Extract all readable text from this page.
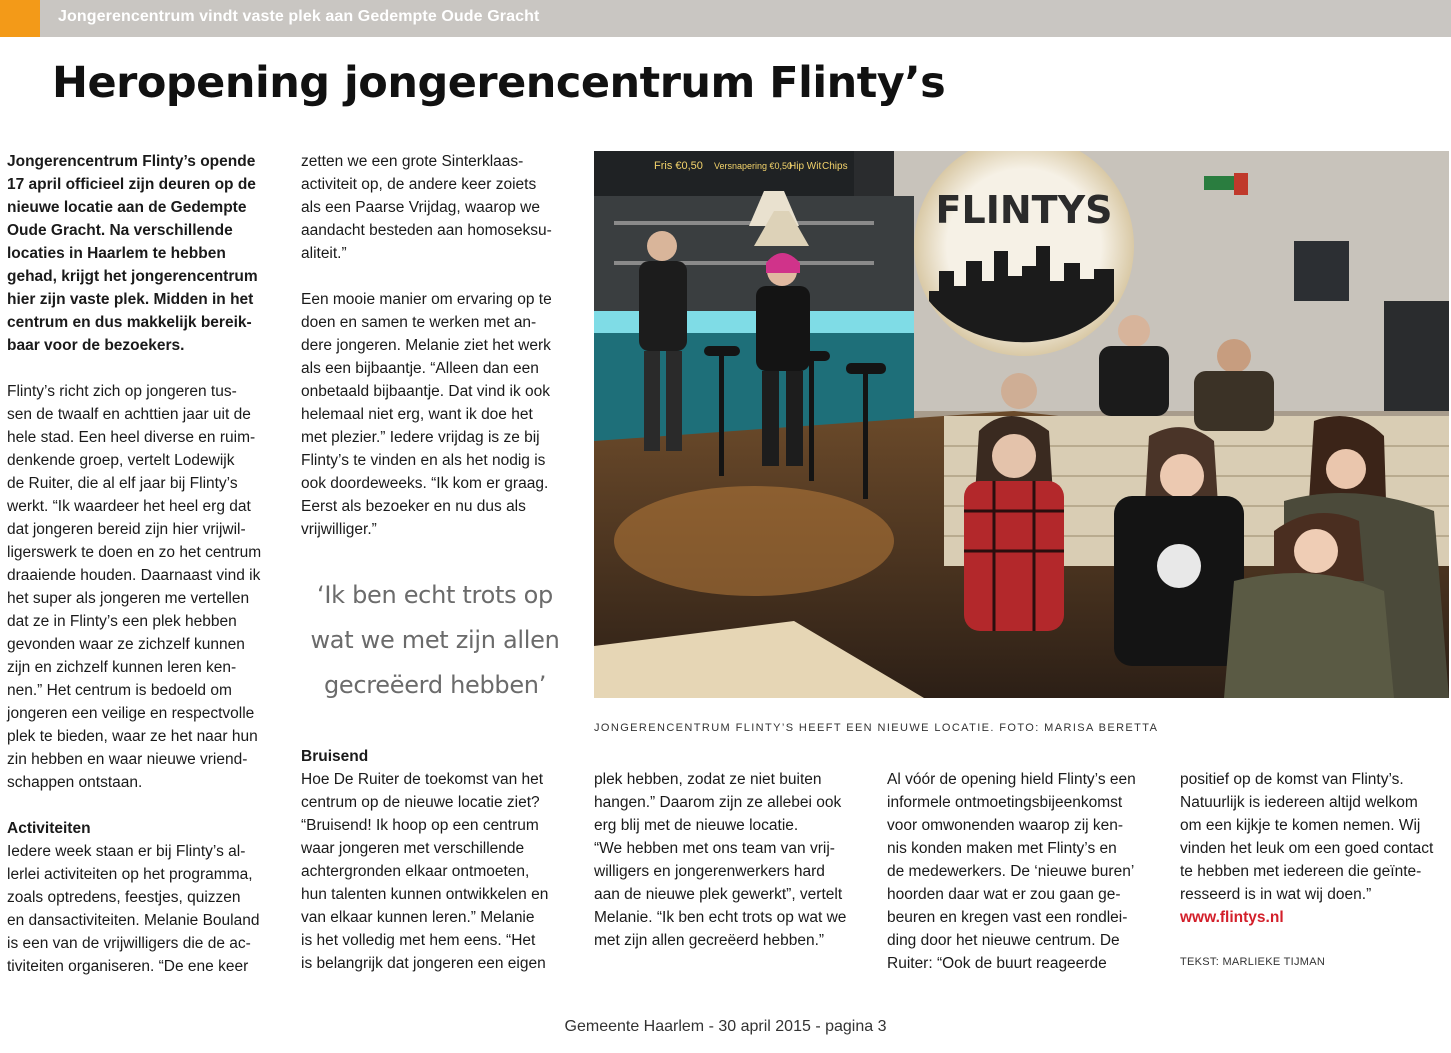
Jongerencentrum vindt vaste plek aan Gedempte Oude Gracht
Heropening jongerencentrum Flinty’s

Jongerencentrum Flinty’s opende
17 april officieel zijn deuren op de
nieuwe locatie aan de Gedempte
Oude Gracht. Na verschillende
locaties in Haarlem te hebben
gehad, krijgt het jongerencentrum
hier zijn vaste plek. Midden in het
centrum en dus makkelijk bereik-
baar voor de bezoekers.

Flinty’s richt zich op jongeren tus-
sen de twaalf en achttien jaar uit de
hele stad. Een heel diverse en ruim-
denkende groep, vertelt Lodewijk
de Ruiter, die al elf jaar bij Flinty’s
werkt. “Ik waardeer het heel erg dat
dat jongeren bereid zijn hier vrijwil-
ligerswerk te doen en zo het centrum
draaiende houden. Daarnaast vind ik
het super als jongeren me vertellen
dat ze in Flinty’s een plek hebben
gevonden waar ze zichzelf kunnen
zijn en zichzelf kunnen leren ken-
nen.” Het centrum is bedoeld om
jongeren een veilige en respectvolle
plek te bieden, waar ze het naar hun
zin hebben en waar nieuwe vriend-
schappen ontstaan.

Activiteiten

Iedere week staan er bij Flinty’s al-
lerlei activiteiten op het programma,
zoals optredens, feestjes, quizzen
en dansactiviteiten. Melanie Bouland
is een van de vrijwilligers die de ac-
tiviteiten organiseren. “De ene keer

zetten we een grote Sinterklaas-
activiteit op, de andere keer zoiets
als een Paarse Vrijdag, waarop we
aandacht besteden aan homoseksu-
aliteit.”

Een mooie manier om ervaring op te
doen en samen te werken met an-
dere jongeren. Melanie ziet het werk
als een bijbaantje. “Alleen dan een
onbetaald bijbaantje. Dat vind ik ook
helemaal niet erg, want ik doe het
met plezier.” Iedere vrijdag is ze bij
Flinty’s te vinden en als het nodig is
ook doordeweeks. “Ik kom er graag.
Eerst als bezoeker en nu dus als
vrijwilliger.”

‘Ik ben echt trots op
wat we met zijn allen
gecreëerd hebben’
Bruisend

Hoe De Ruiter de toekomst van het
centrum op de nieuwe locatie ziet?
“Bruisend! Ik hoop op een centrum
waar jongeren met verschillende
achtergronden elkaar ontmoeten,
hun talenten kunnen ontwikkelen en
van elkaar kunnen leren.” Melanie
is het volledig met hem eens. “Het
is belangrijk dat jongeren een eigen

Fris €0,50 Versnapering €0,50
Hip Wit Chips
FLINTYS
JONGERENCENTRUM FLINTY’S HEEFT EEN NIEUWE LOCATIE. FOTO: MARISA BERETTA

plek hebben, zodat ze niet buiten
hangen.” Daarom zijn ze allebei ook
erg blij met de nieuwe locatie.
“We hebben met ons team van vrij-
willigers en jongerenwerkers hard
aan de nieuwe plek gewerkt”, vertelt
Melanie. “Ik ben echt trots op wat we
met zijn allen gecreëerd hebben.”

Al vóór de opening hield Flinty’s een
informele ontmoetingsbijeenkomst
voor omwonenden waarop zij ken-
nis konden maken met Flinty’s en
de medewerkers. De ‘nieuwe buren’
hoorden daar wat er zou gaan ge-
beuren en kregen vast een rondlei-
ding door het nieuwe centrum. De
Ruiter: “Ook de buurt reageerde

positief op de komst van Flinty’s.
Natuurlijk is iedereen altijd welkom
om een kijkje te komen nemen. Wij
vinden het leuk om een goed contact
te hebben met iedereen die geïnte-
resseerd is in wat wij doen.”

www.flintys.nl

TEKST: MARLIEKE TIJMAN

Gemeente Haarlem - 30 april 2015 - pagina 3
